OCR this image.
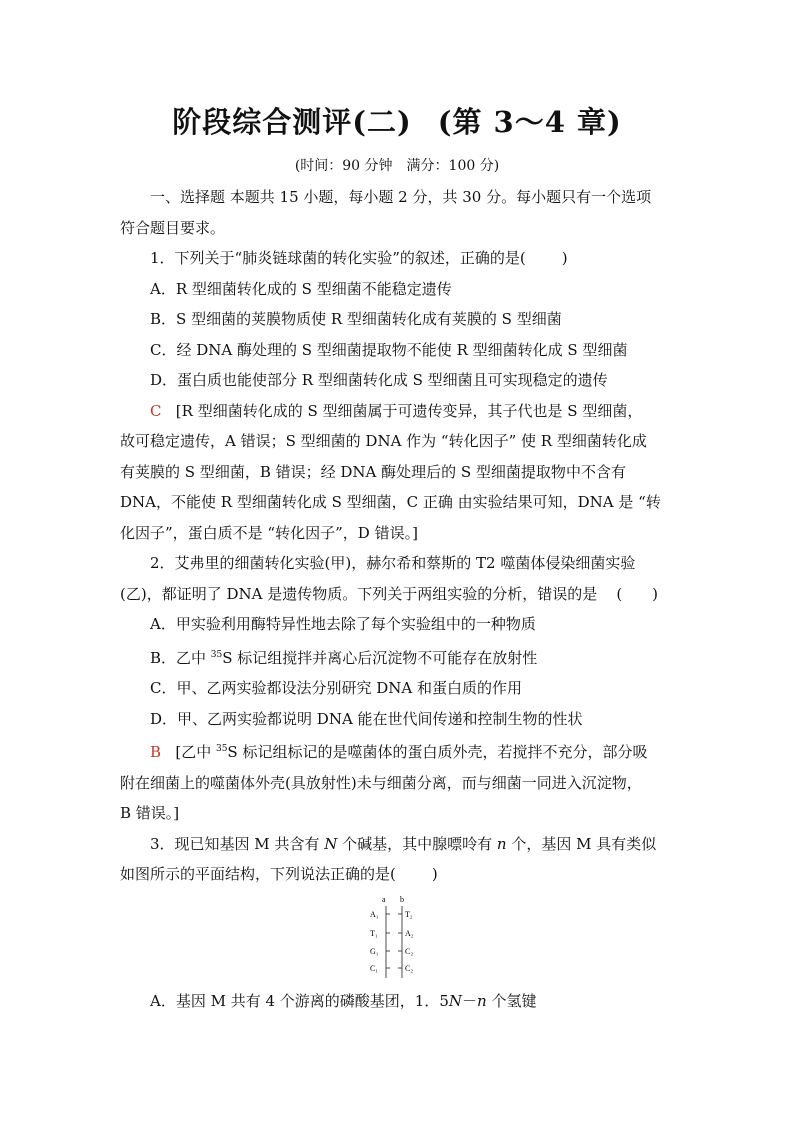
阶段综合测评(二) (第 3～4 章)
(时间：90 分钟　满分：100 分)

一、选择题 本题共 15 小题，每小题 2 分，共 30 分。每小题只有一个选项

符合题目要求。

1．下列关于“肺炎链球菌的转化实验”的叙述，正确的是( )

A．R 型细菌转化成的 S 型细菌不能稳定遗传

B．S 型细菌的荚膜物质使 R 型细菌转化成有荚膜的 S 型细菌

C．经 DNA 酶处理的 S 型细菌提取物不能使 R 型细菌转化成 S 型细菌

D．蛋白质也能使部分 R 型细菌转化成 S 型细菌且可实现稳定的遗传

C [R 型细菌转化成的 S 型细菌属于可遗传变异，其子代也是 S 型细菌，

故可稳定遗传，A 错误；S 型细菌的 DNA 作为 “转化因子” 使 R 型细菌转化成

有荚膜的 S 型细菌，B 错误；经 DNA 酶处理后的 S 型细菌提取物中不含有

DNA，不能使 R 型细菌转化成 S 型细菌，C 正确 由实验结果可知，DNA 是 “转

化因子”，蛋白质不是 “转化因子”，D 错误。]

2．艾弗里的细菌转化实验(甲)，赫尔希和蔡斯的 T2 噬菌体侵染细菌实验

(乙)，都证明了 DNA 是遗传物质。下列关于两组实验的分析，错误的是 (　　)

A．甲实验利用酶特异性地去除了每个实验组中的一种物质

B．乙中 $^{35}$S 标记组搅拌并离心后沉淀物不可能存在放射性

C．甲、乙两实验都设法分别研究 DNA 和蛋白质的作用

D．甲、乙两实验都说明 DNA 能在世代间传递和控制生物的性状

B [乙中 $^{35}$S 标记组标记的是噬菌体的蛋白质外壳，若搅拌不充分，部分吸

附在细菌上的噬菌体外壳(具放射性)未与细菌分离，而与细菌一同进入沉淀物，

B 错误。]

3．现已知基因 M 共含有 N 个碱基，其中腺嘌呤有 n 个，基因 M 具有类似

如图所示的平面结构，下列说法正确的是( )

a b
A₁	T₂
T₁	A₂
G₁	C₂
C₁	C₂

A．基因 M 共有 4 个游离的磷酸基团，1．5N－n 个氢键
